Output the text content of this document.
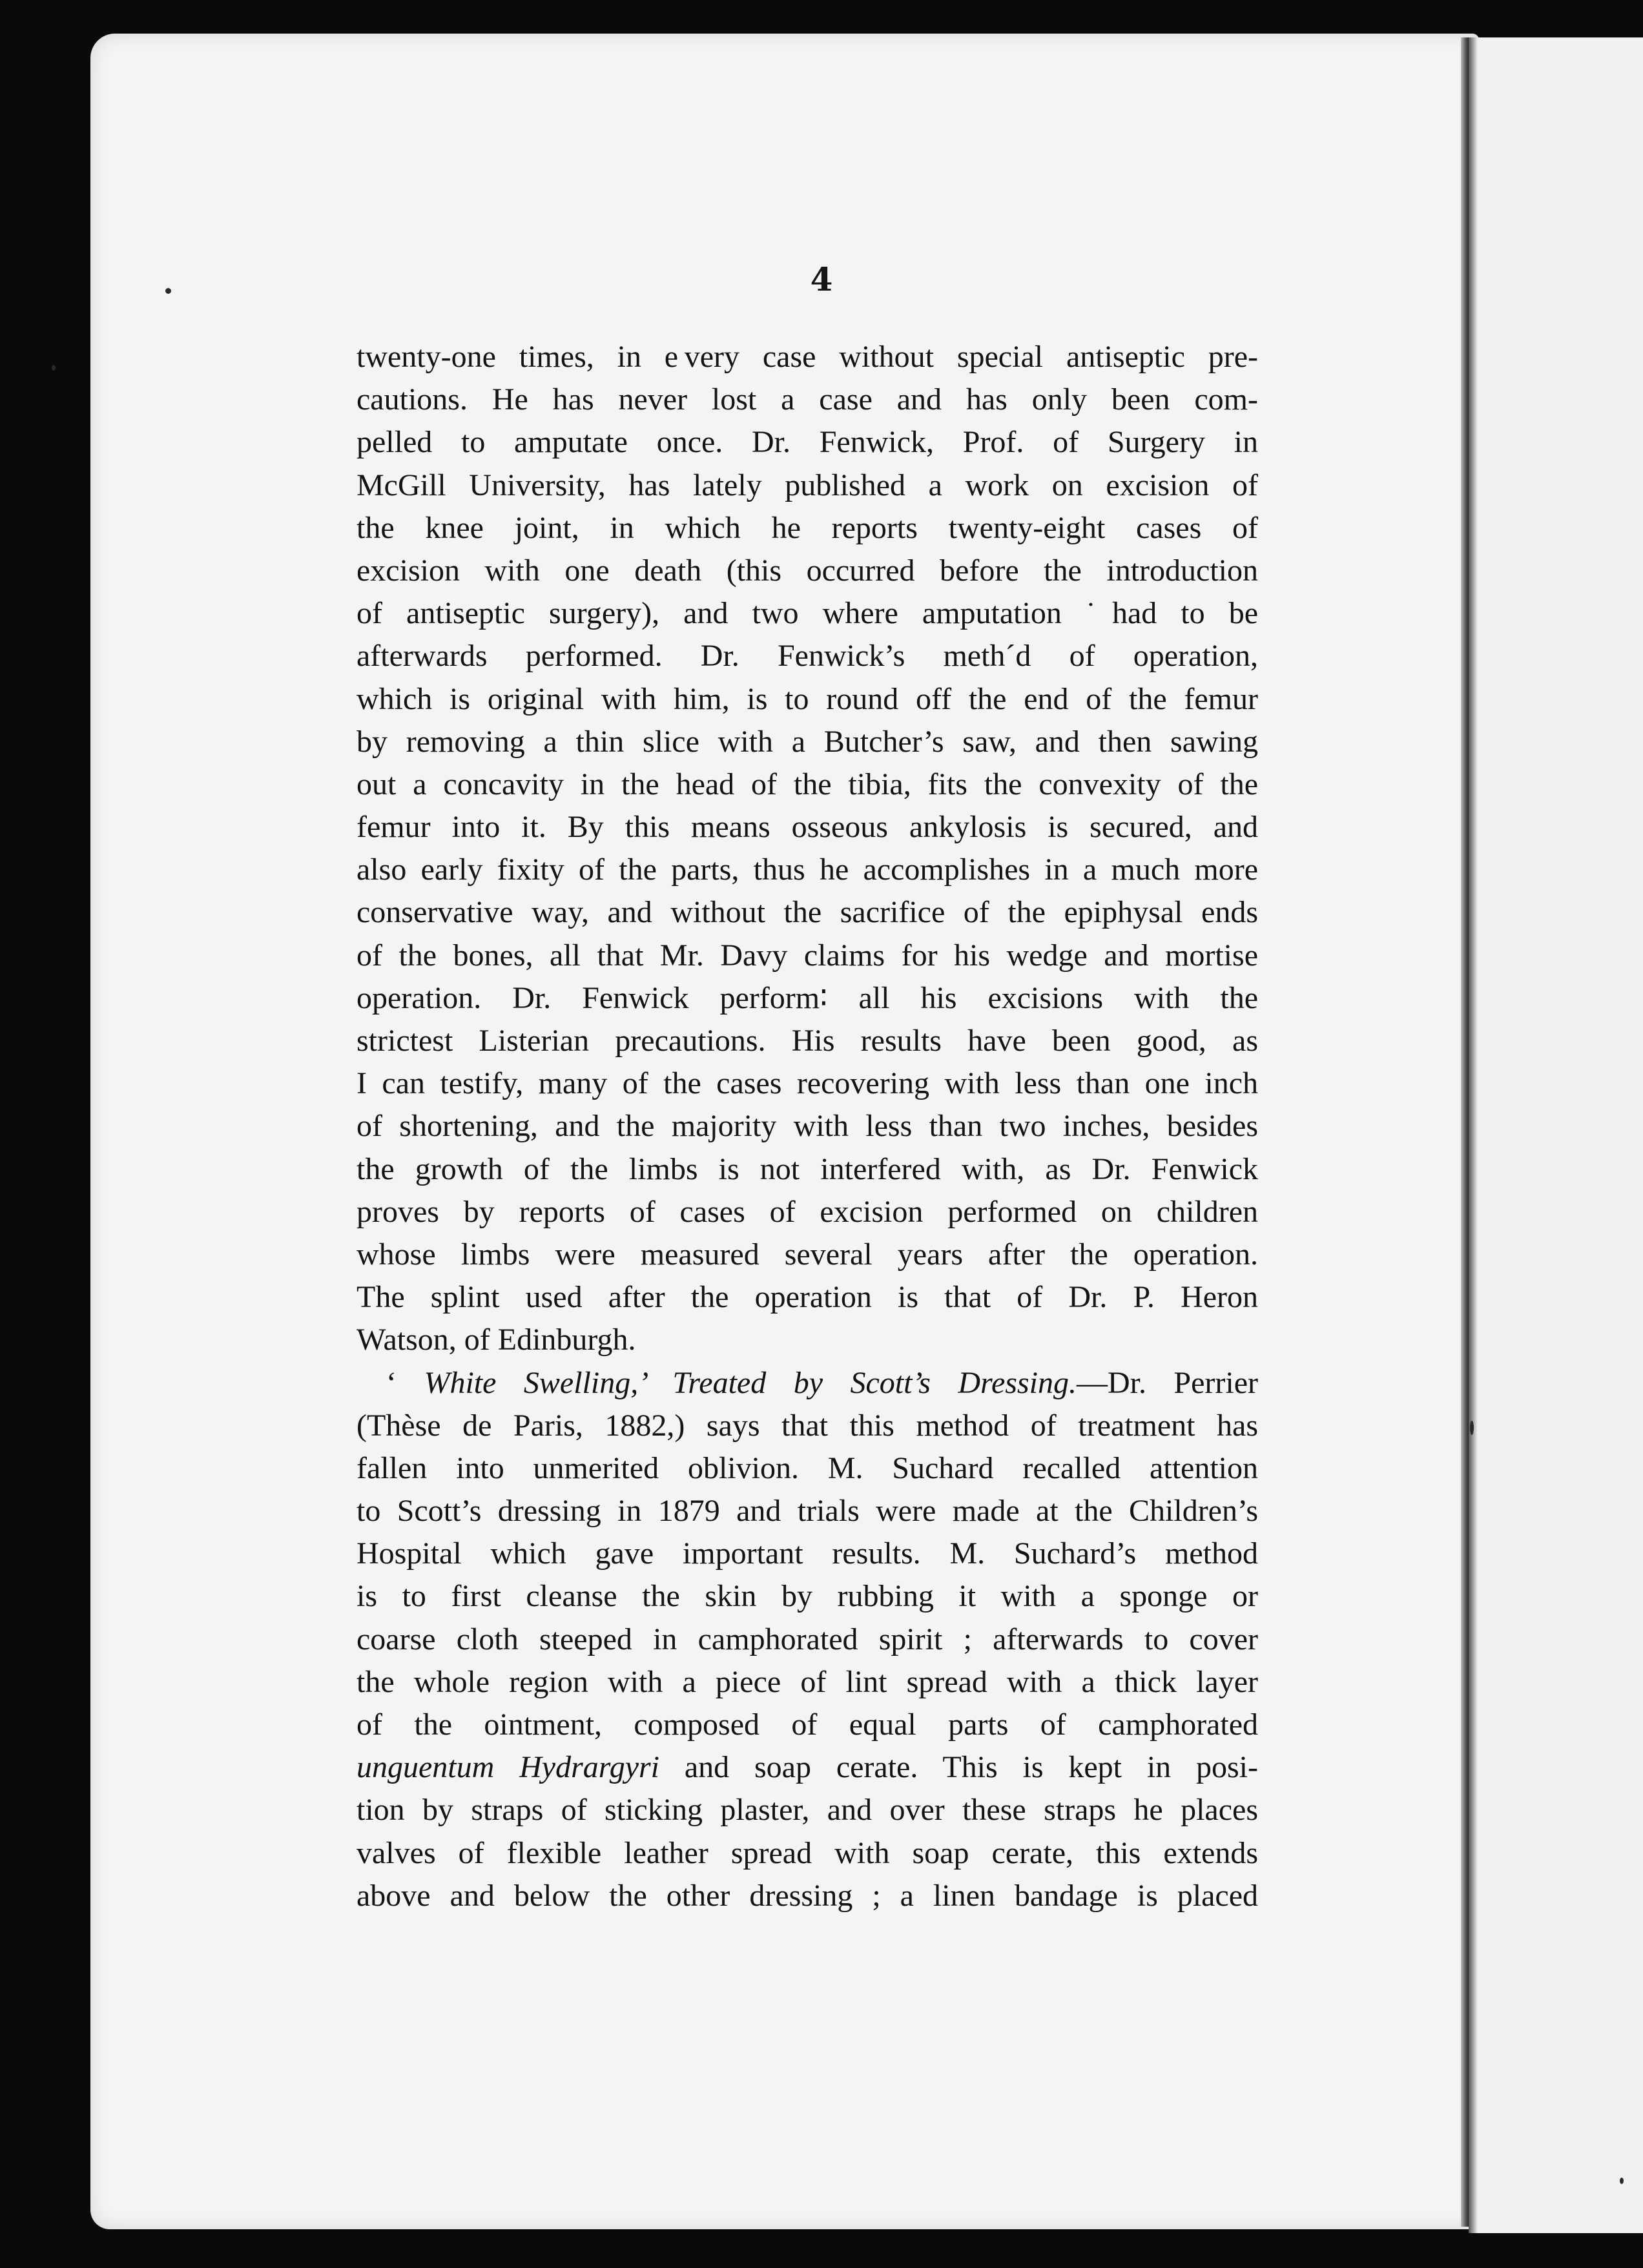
4
twenty-one times, in e very case without special antiseptic pre-
cautions. He has never lost a case and has only been com-
pelled to amputate once. Dr. Fenwick, Prof. of Surgery in
McGill University, has lately published a work on excision of
the knee joint, in which he reports twenty-eight cases of
excision with one death (this occurred before the introduction
of antiseptic surgery), and two where amputation ˙had to be
afterwards performed. Dr. Fenwick’s meth´d of operation,
which is original with him, is to round off the end of the femur
by removing a thin slice with a Butcher’s saw, and then sawing
out a concavity in the head of the tibia, fits the convexity of the
femur into it. By this means osseous ankylosis is secured, and
also early fixity of the parts, thus he accomplishes in a much more
conservative way, and without the sacrifice of the epiphysal ends
of the bones, all that Mr. Davy claims for his wedge and mortise
operation. Dr. Fenwick perform∶ all his excisions with the
strictest Listerian precautions. His results have been good, as
I can testify, many of the cases recovering with less than one inch
of shortening, and the majority with less than two inches, besides
the growth of the limbs is not interfered with, as Dr. Fenwick
proves by reports of cases of excision performed on children
whose limbs were measured several years after the operation.
The splint used after the operation is that of Dr. P. Heron
Watson, of Edinburgh.
‘ White Swelling,’ Treated by Scott’s Dressing.—Dr. Perrier
(Thèse de Paris, 1882,) says that this method of treatment has
fallen into unmerited oblivion. M. Suchard recalled attention
to Scott’s dressing in 1879 and trials were made at the Children’s
Hospital which gave important results. M. Suchard’s method
is to first cleanse the skin by rubbing it with a sponge or
coarse cloth steeped in camphorated spirit ; afterwards to cover
the whole region with a piece of lint spread with a thick layer
of the ointment, composed of equal parts of camphorated
unguentum Hydrargyri and soap cerate. This is kept in posi-
tion by straps of sticking plaster, and over these straps he places
valves of flexible leather spread with soap cerate, this extends
above and below the other dressing ; a linen bandage is placed
